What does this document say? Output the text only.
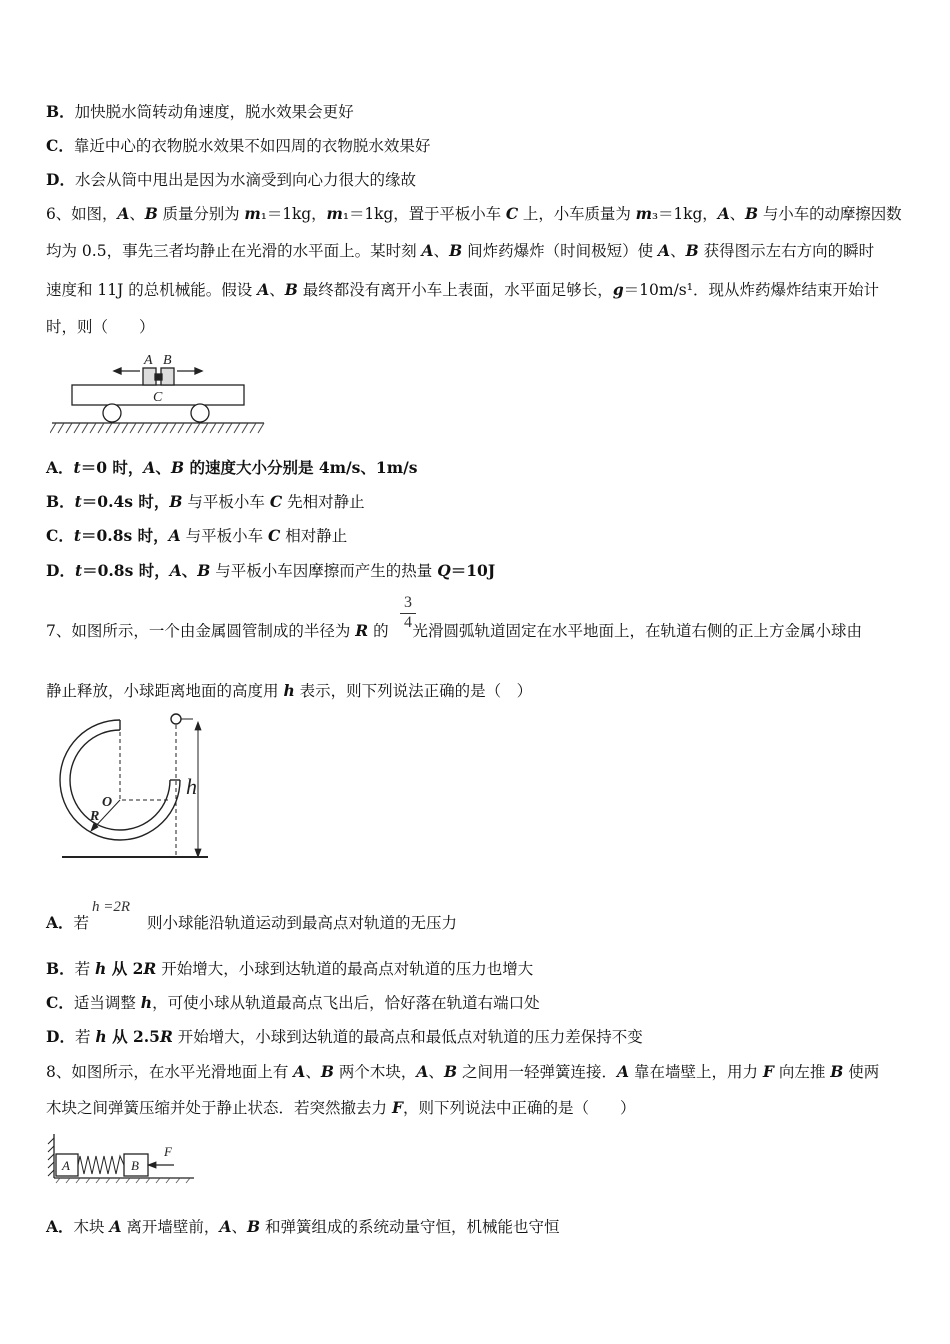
B．加快脱水筒转动角速度，脱水效果会更好
C．靠近中心的衣物脱水效果不如四周的衣物脱水效果好
D．水会从筒中甩出是因为水滴受到向心力很大的缘故
6、如图，A、B 质量分别为 m₁＝1kg，m₁＝1kg，置于平板小车 C 上，小车质量为 m₃＝1kg，A、B 与小车的动摩擦因数
均为 0.5，事先三者均静止在光滑的水平面上。某时刻 A、B 间炸药爆炸（时间极短）使 A、B 获得图示左右方向的瞬时
速度和 11J 的总机械能。假设 A、B 最终都没有离开小车上表面，水平面足够长，g＝10m/s¹．现从炸药爆炸结束开始计
时，则（　　）
A B
C
A．t＝0 时，A、B 的速度大小分别是 4m/s、1m/s
B．t＝0.4s 时，B 与平板小车 C 先相对静止
C．t＝0.8s 时，A 与平板小车 C 相对静止
D．t＝0.8s 时，A、B 与平板小车因摩擦而产生的热量 Q＝10J
$\frac{3}{4}$
7、如图所示，一个由金属圆管制成的半径为 R 的  光滑圆弧轨道固定在水平地面上，在轨道右侧的正上方金属小球由
静止释放，小球距离地面的高度用 h 表示，则下列说法正确的是（　）
O
R
h
h =2R
A．若	则小球能沿轨道运动到最高点对轨道的无压力
B．若 h 从 2R 开始增大，小球到达轨道的最高点对轨道的压力也增大
C．适当调整 h，可使小球从轨道最高点飞出后，恰好落在轨道右端口处
D．若 h 从 2.5R 开始增大，小球到达轨道的最高点和最低点对轨道的压力差保持不变
8、如图所示，在水平光滑地面上有 A、B 两个木块，A、B 之间用一轻弹簧连接．A 靠在墙壁上，用力 F 向左推 B 使两
木块之间弹簧压缩并处于静止状态．若突然撤去力 F，则下列说法中正确的是（　　）
A	B
F
A．木块 A 离开墙壁前，A、B 和弹簧组成的系统动量守恒，机械能也守恒
